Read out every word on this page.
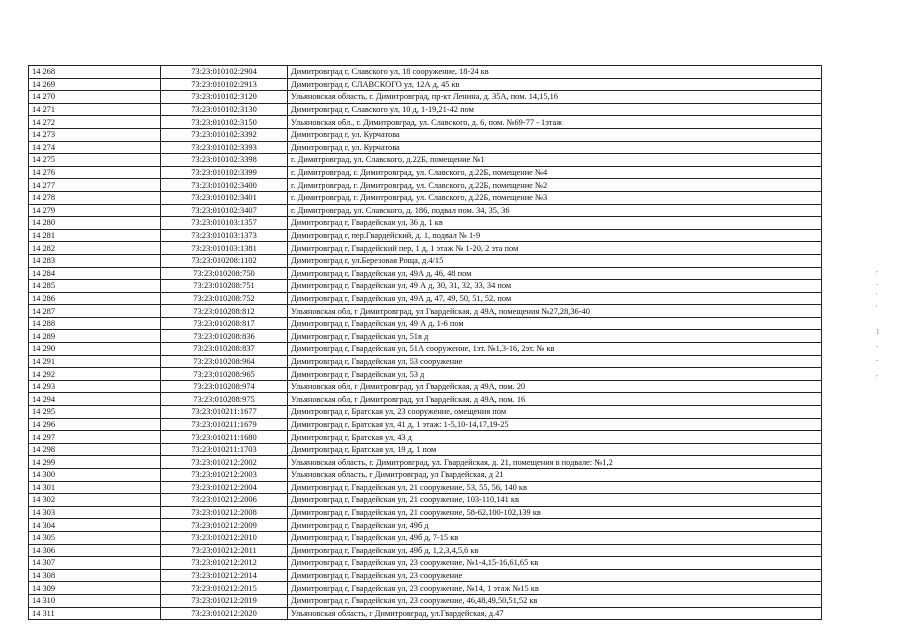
14 268	73:23:010102:2904	Димитровград г, Славского ул, 18 сооружение, 18-24 кв
14 269	73:23:010102:2913	Димитровград г, СЛАВСКОГО ул, 12А д, 45 кв
14 270	73:23:010102:3120	Ульяновская область, г. Димитровград, пр-кт Ленина, д. 35А, пом. 14,15,16
14 271	73:23:010102:3130	Димитровград г, Славского ул, 10 д, 1-19,21-42 пом
14 272	73:23:010102:3150	Ульяновская обл., г. Димитровград, ул. Славского, д. 6, пом. №69-77 - 1этаж
14 273	73:23:010102:3392	Димитровград г, ул. Курчатова
14 274	73:23:010102:3393	Димитровград г, ул. Курчатова
14 275	73:23:010102:3398	г. Димитровград, ул. Славского, д.22Б, помещение №1
14 276	73:23:010102:3399	г. Димитровград, г. Димитровград, ул. Славского, д.22Б, помещение №4
14 277	73:23:010102:3400	г. Димитровград, г. Димитровград, ул. Славского, д.22Б, помещение №2
14 278	73:23:010102:3401	г. Димитровград, г. Димитровград, ул. Славского, д.22Б, помещение №3
14 279	73:23:010102:3407	г. Димитровград, ул. Славского, д. 186, подвал пом. 34, 35, 36
14 280	73:23:010103:1357	Димитровград г, Гвардейская ул, 36 д, 1 кв
14 281	73:23:010103:1373	Димитровград г, пер.Гвардейский, д. 1, подвал № 1-9
14 282	73:23:010103:1381	Димитровград г, Гвардейский пер, 1 д, 1 этаж № 1-20, 2 эта пом
14 283	73:23:010208:1102	Димитровград г, ул.Березовая Роща, д.4/15
14 284	73:23:010208:750	Димитровград г, Гвардейская ул, 49А д, 46, 48 пом
14 285	73:23:010208:751	Димитровград г, Гвардейская ул, 49 А д, 30, 31, 32, 33, 34 пом
14 286	73:23:010208:752	Димитровград г, Гвардейская ул, 49А д, 47, 49, 50, 51, 52, пом
14 287	73:23:010208:812	Ульяновская обл, г Димитровград, ул Гвардейская, д 49А, помещения №27,28,36-40
14 288	73:23:010208:817	Димитровград г, Гвардейская ул, 49 А д, 1-6 пом
14 289	73:23:010208:836	Димитровград г, Гвардейская ул, 51в д
14 290	73:23:010208:837	Димитровград г, Гвардейская ул, 51А сооружение, 1эт. №1,3-16, 2эт. № кв
14 291	73:23:010208:964	Димитровград г, Гвардейская ул, 53 сооружение
14 292	73:23:010208:965	Димитровград г, Гвардейская ул, 53 д
14 293	73:23:010208:974	Ульяновская обл, г Димитровград, ул Гвардейская, д 49А, пом. 20
14 294	73:23:010208:975	Ульяновская обл, г Димитровград, ул Гвардейская, д 49А, пом. 16
14 295	73:23:010211:1677	Димитровград г, Братская ул, 23 сооружение, омещения пом
14 296	73:23:010211:1679	Димитровград г, Братская ул, 41 д, 1 этаж: 1-5,10-14,17,19-25
14 297	73:23:010211:1680	Димитровград г, Братская ул, 43 д
14 298	73:23:010211:1703	Димитровград г, Братская ул, 19 д, 1 пом
14 299	73:23:010212:2002	Ульяновская область, г. Димитровград, ул. Гвардейская, д. 21, помещения в подвале: №1,2
14 300	73:23:010212:2003	Ульяновская область, г Димитровград, ул Гвардейская, д 21
14 301	73:23:010212:2004	Димитровград г, Гвардейская ул, 21 сооружение, 53, 55, 56, 140 кв
14 302	73:23:010212:2006	Димитровград г, Гвардейская ул, 21 сооружение, 103-110,141 кв
14 303	73:23:010212:2008	Димитровград г, Гвардейская ул, 21 сооружение, 58-62,100-102,139 кв
14 304	73:23:010212:2009	Димитровград г, Гвардейская ул, 49б д
14 305	73:23:010212:2010	Димитровград г, Гвардейская ул, 49б д, 7-15 кв
14 306	73:23:010212:2011	Димитровград г, Гвардейская ул, 49б д, 1,2,3,4,5,6 кв
14 307	73:23:010212:2012	Димитровград г, Гвардейская ул, 23 сооружение, №1-4,15-16,61,65 кв
14 308	73:23:010212:2014	Димитровград г, Гвардейская ул, 23 сооружение
14 309	73:23:010212:2015	Димитровград г, Гвардейская ул, 23 сооружение, №14, 1 этаж №15 кв
14 310	73:23:010212:2019	Димитровград г, Гвардейская ул, 23 сооружение, 46,48,49,50,51,52 кв
14 311	73:23:010212:2020	Ульяновская область, г Димитровград, ул.Гвардейская, д.47
,
-
'
'
1
-
-
,
